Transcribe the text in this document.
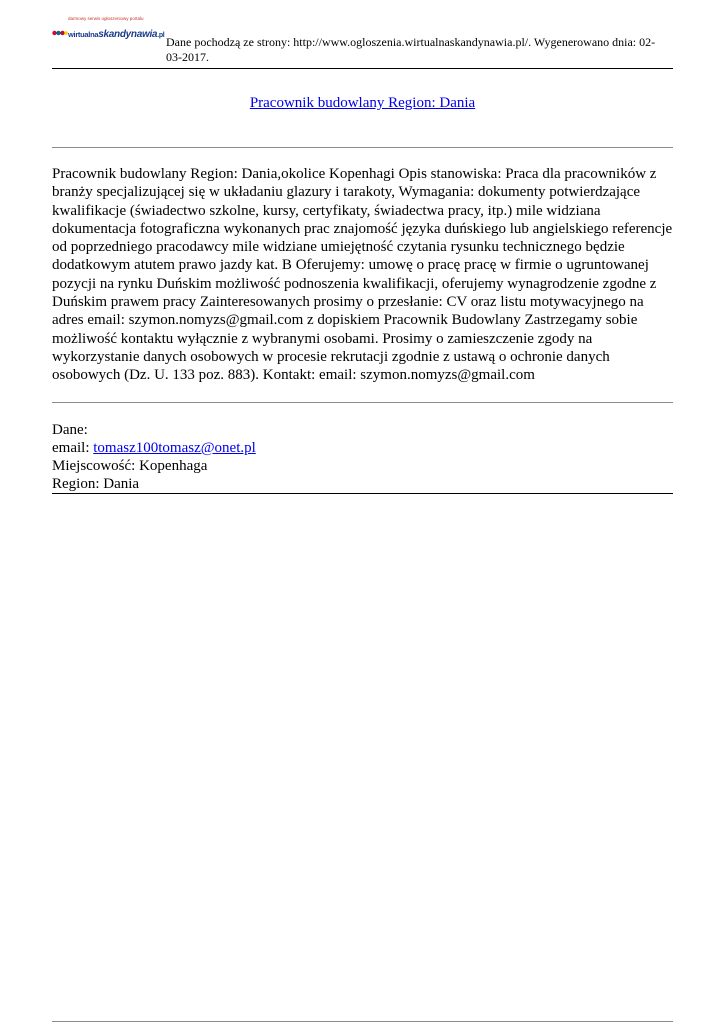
darmowy serwis ogłoszeniowy portalu
wirtualnaskandynawia.pl Dane pochodzą ze strony: http://www.ogloszenia.wirtualnaskandynawia.pl/. Wygenerowano dnia: 02-03-2017.
Pracownik budowlany Region: Dania
Pracownik budowlany Region: Dania,okolice Kopenhagi Opis stanowiska: Praca dla pracowników z branży specjalizującej się w układaniu glazury i tarakoty, Wymagania: dokumenty potwierdzające kwalifikacje (świadectwo szkolne, kursy, certyfikaty, świadectwa pracy, itp.) mile widziana dokumentacja fotograficzna wykonanych prac znajomość języka duńskiego lub angielskiego referencje od poprzedniego pracodawcy mile widziane umiejętność czytania rysunku technicznego będzie dodatkowym atutem prawo jazdy kat. B Oferujemy: umowę o pracę pracę w firmie o ugruntowanej pozycji na rynku Duńskim możliwość podnoszenia kwalifikacji, oferujemy wynagrodzenie zgodne z Duńskim prawem pracy Zainteresowanych prosimy o przesłanie: CV oraz listu motywacyjnego na adres email: szymon.nomyzs@gmail.com z dopiskiem Pracownik Budowlany Zastrzegamy sobie możliwość kontaktu wyłącznie z wybranymi osobami. Prosimy o zamieszczenie zgody na wykorzystanie danych osobowych w procesie rekrutacji zgodnie z ustawą o ochronie danych osobowych (Dz. U. 133 poz. 883). Kontakt: email: szymon.nomyzs@gmail.com
Dane:
email: tomasz100tomasz@onet.pl
Miejscowość: Kopenhaga
Region: Dania
